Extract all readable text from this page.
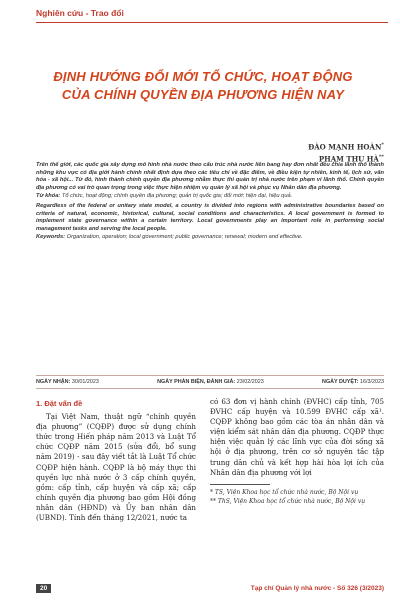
Nghiên cứu - Trao đổi
ĐỊNH HƯỚNG ĐỔI MỚI TỔ CHỨC, HOẠT ĐỘNG
CỦA CHÍNH QUYỀN ĐỊA PHƯƠNG HIỆN NAY
ĐÀO MẠNH HOÀN*
PHẠM THU HÀ**

Trên thế giới, các quốc gia xây dựng mô hình nhà nước theo cấu trúc nhà nước liên bang hay đơn nhất đều chia lãnh thổ thành những khu vực có địa giới hành chính nhất định dựa theo các tiêu chí về đặc điểm, về điều kiện tự nhiên, kinh tế, lịch sử, văn hóa - xã hội... Từ đó, hình thành chính quyền địa phương nhằm thực thi quản trị nhà nước trên phạm vi lãnh thổ. Chính quyền địa phương có vai trò quan trọng trong việc thực hiện nhiệm vụ quản lý xã hội và phục vụ Nhân dân địa phương.

Từ khóa: Tổ chức, hoạt động; chính quyền địa phương; quản trị quốc gia; đổi mới; hiện đại, hiệu quả.

Regardless of the federal or unitary state model, a country is divided into regions with administrative boundaries based on criteria of natural, economic, historical, cultural, social conditions and characteristics. A local government is formed to implement state governance within a certain territory. Local governments play an important role in performing social management tasks and serving the local people.

Keywords: Organization, operation; local government; public governance; renewal; modern and effective.

NGÀY NHẬN: 30/01/2023	NGÀY PHẢN BIỆN, ĐÁNH GIÁ: 23/02/2023	NGÀY DUYỆT: 16/3/2023
1. Đặt vấn đề

Tại Việt Nam, thuật ngữ “chính quyền địa phương” (CQĐP) được sử dụng chính thức trong Hiến pháp năm 2013 và Luật Tổ chức CQĐP năm 2015 (sửa đổi, bổ sung năm 2019) - sau đây viết tắt là Luật Tổ chức CQĐP hiện hành. CQĐP là bộ máy thực thi quyền lực nhà nước ở 3 cấp chính quyền, gồm: cấp tỉnh, cấp huyện và cấp xã; cấp chính quyền địa phương bao gồm Hội đồng nhân dân (HĐND) và Ủy ban nhân dân (UBND). Tính đến tháng 12/2021, nước ta

có 63 đơn vị hành chính (ĐVHC) cấp tỉnh, 705 ĐVHC cấp huyện và 10.599 ĐVHC cấp xã¹. CQĐP không bao gồm các tòa án nhân dân và viện kiểm sát nhân dân địa phương. CQĐP thực hiện việc quản lý các lĩnh vực của đời sống xã hội ở địa phương, trên cơ sở nguyên tắc tập trung dân chủ và kết hợp hài hòa lợi ích của Nhân dân địa phương với lợi

* TS, Viện Khoa học tổ chức nhà nước, Bộ Nội vụ
** ThS, Viện Khoa học tổ chức nhà nước, Bộ Nội vụ
20	Tạp chí Quản lý nhà nước - Số 326 (3/2023)
